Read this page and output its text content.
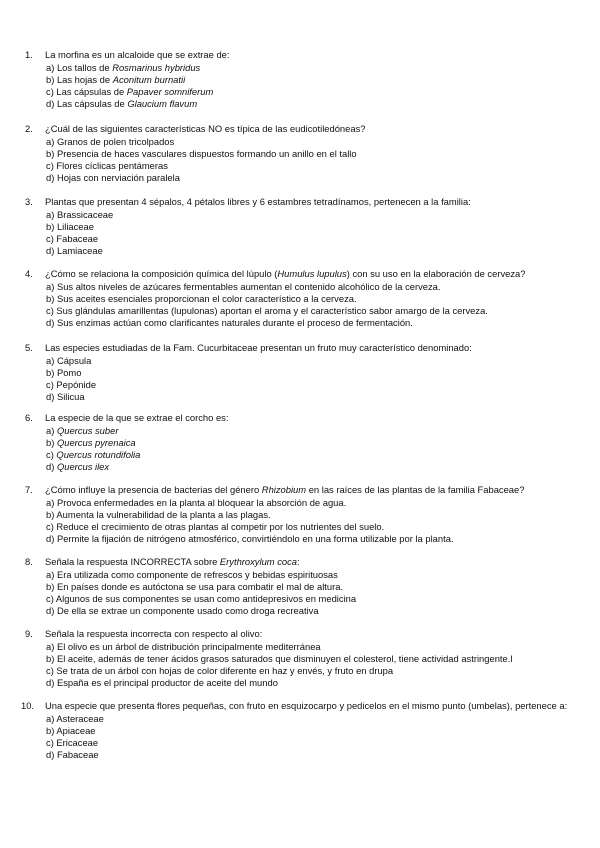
1.	La morfina es un alcaloide que se extrae de:
a) Los tallos de Rosmarinus hybridus
b) Las hojas de Aconitum burnatii
c) Las cápsulas de Papaver somniferum
d) Las cápsulas de Glaucium flavum
2.	¿Cuál de las siguientes características NO es típica de las eudicotiledóneas?
a) Granos de polen tricolpados
b) Presencia de haces vasculares dispuestos formando un anillo en el tallo
c) Flores cíclicas pentámeras
d) Hojas con nerviación paralela
3.	Plantas que presentan 4 sépalos, 4 pétalos libres y 6 estambres tetradínamos, pertenecen a la familia:
a) Brassicaceae
b) Liliaceae
c) Fabaceae
d) Lamiaceae
4.	¿Cómo se relaciona la composición química del lúpulo (Humulus lupulus) con su uso en la elaboración de cerveza?
a) Sus altos niveles de azúcares fermentables aumentan el contenido alcohólico de la cerveza.
b) Sus aceites esenciales proporcionan el color característico a la cerveza.
c) Sus glándulas amarillentas (lupulonas) aportan el aroma y el característico sabor amargo de la cerveza.
d) Sus enzimas actúan como clarificantes naturales durante el proceso de fermentación.
5.	Las especies estudiadas de la Fam. Cucurbitaceae presentan un fruto muy característico denominado:
a) Cápsula
b) Pomo
c) Pepónide
d) Silicua
6.	La especie de la que se extrae el corcho es:
a) Quercus suber
b) Quercus pyrenaica
c) Quercus rotundifolia
d) Quercus ilex
7.	¿Cómo influye la presencia de bacterias del género Rhizobium en las raíces de las plantas de la familia Fabaceae?
a) Provoca enfermedades en la planta al bloquear la absorción de agua.
b) Aumenta la vulnerabilidad de la planta a las plagas.
c) Reduce el crecimiento de otras plantas al competir por los nutrientes del suelo.
d) Permite la fijación de nitrógeno atmosférico, convirtiéndolo en una forma utilizable por la planta.
8.	Señala la respuesta INCORRECTA sobre Erythroxylum coca:
a) Era utilizada como componente de refrescos y bebidas espirituosas
b) En países donde es autóctona se usa para combatir el mal de altura.
c) Algunos de sus componentes se usan como antidepresivos en medicina
d) De ella se extrae un componente usado como droga recreativa
9.	Señala la respuesta incorrecta con respecto al olivo:
a) El olivo es un árbol de distribución principalmente mediterránea
b) El aceite, además de tener ácidos grasos saturados que disminuyen el colesterol, tiene actividad astringente.l
c) Se trata de un árbol con hojas de color diferente en haz y envés, y fruto en drupa
d) España es el principal productor de aceite del mundo
10.	Una especie que presenta flores pequeñas, con fruto en esquizocarpo y pedicelos en el mismo punto (umbelas), pertenece a:
a) Asteraceae
b) Apiaceae
c) Ericaceae
d) Fabaceae
